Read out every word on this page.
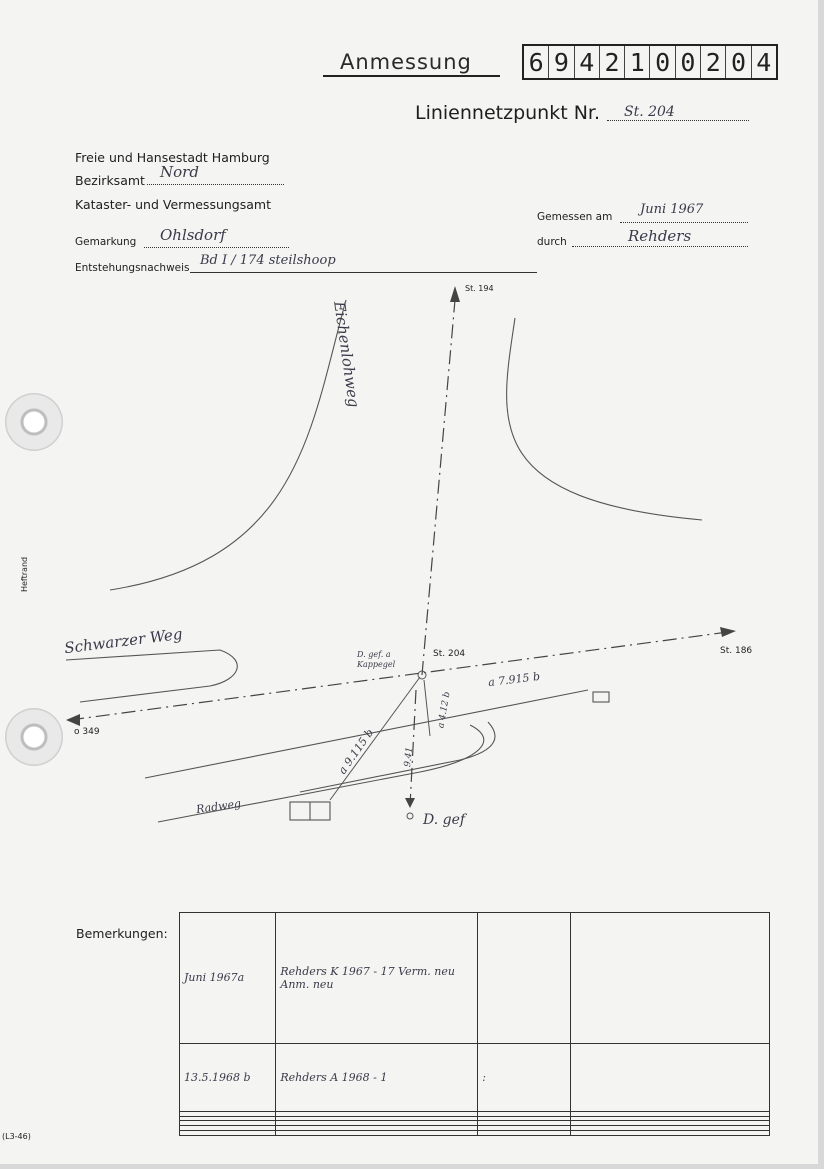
Anmessung 6 9 4 2 1 0 0 2 0 4
Liniennetzpunkt Nr. St. 204
Freie und Hansestadt Hamburg
Bezirksamt Nord
Kataster- und Vermessungsamt
Gemarkung Ohlsdorf
Entstehungsnachweis Bd I / 174 steilshoop
Gemessen am Juni 1967
durch	Rehders
Eichenlohweg
Schwarzer Weg
Radweg
St. 194
St. 186
o 349
St. 204
D. gef. a Kappegel
a 7.915 b
a 9.115 b
a 4.12 b
9.41
D. gef
Bemerkungen:
Juni 1967a	Rehders K 1967 - 17 Verm. neu Anm. neu		
13.5.1968 b	Rehders A 1968 - 1	:	

Heftrand
(L3-46)
